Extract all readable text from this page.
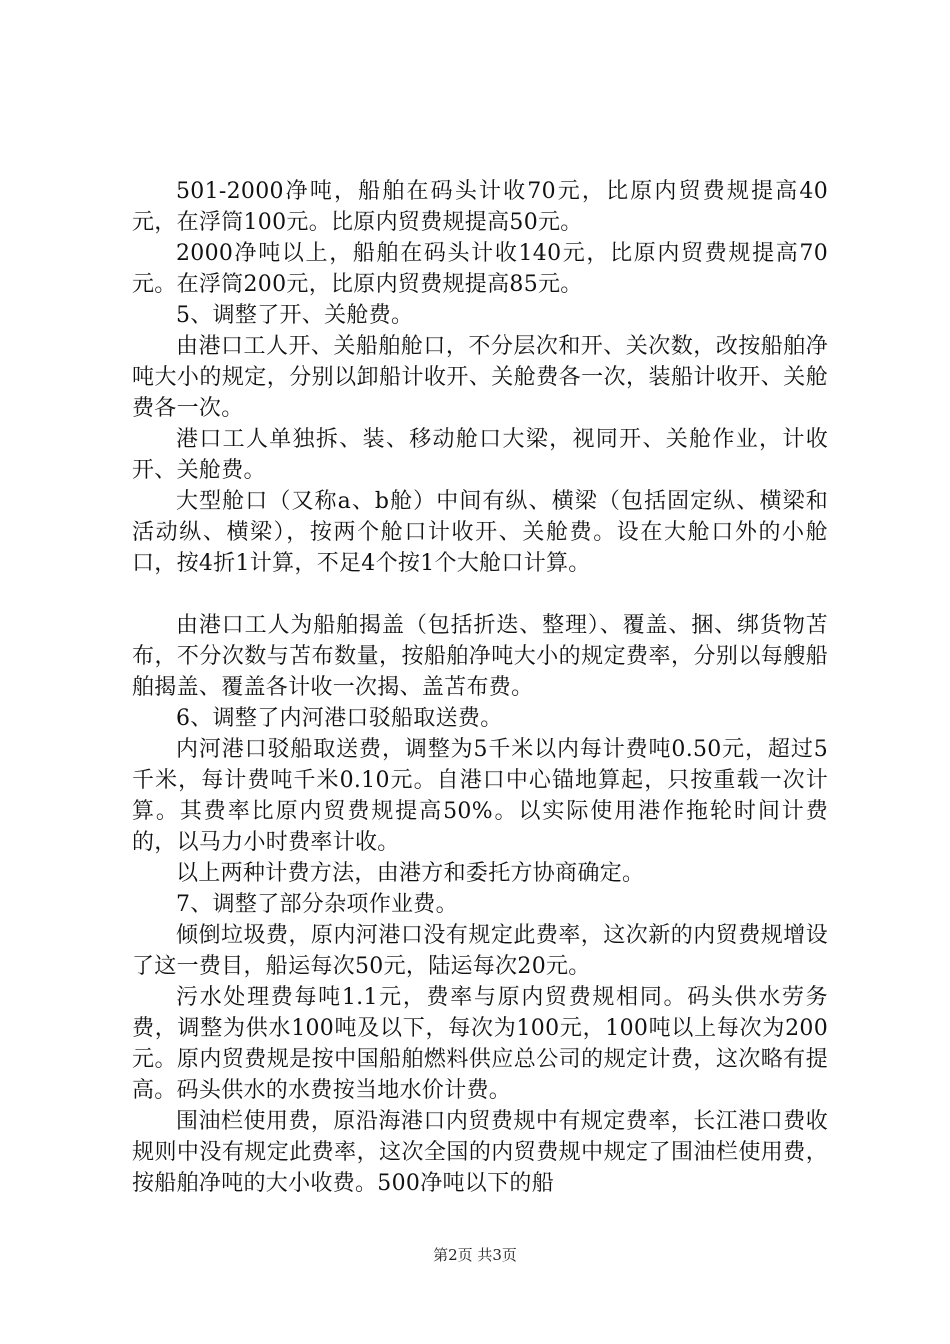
501-2000净吨，船舶在码头计收70元，比原内贸费规提高40元，在浮筒100元。比原内贸费规提高50元。

2000净吨以上，船舶在码头计收140元，比原内贸费规提高70元。在浮筒200元，比原内贸费规提高85元。

5、调整了开、关舱费。

由港口工人开、关船舶舱口，不分层次和开、关次数，改按船舶净吨大小的规定，分别以卸船计收开、关舱费各一次，装船计收开、关舱费各一次。

港口工人单独拆、装、移动舱口大梁，视同开、关舱作业，计收开、关舱费。

大型舱口（又称a、b舱）中间有纵、横梁（包括固定纵、横梁和活动纵、横梁），按两个舱口计收开、关舱费。设在大舱口外的小舱口，按4折1计算，不足4个按1个大舱口计算。

由港口工人为船舶揭盖（包括折迭、整理）、覆盖、捆、绑货物苫布，不分次数与苫布数量，按船舶净吨大小的规定费率，分别以每艘船舶揭盖、覆盖各计收一次揭、盖苫布费。

6、调整了内河港口驳船取送费。

内河港口驳船取送费，调整为5千米以内每计费吨0.50元，超过5千米，每计费吨千米0.10元。自港口中心锚地算起，只按重载一次计算。其费率比原内贸费规提高50%。以实际使用港作拖轮时间计费的，以马力小时费率计收。

以上两种计费方法，由港方和委托方协商确定。

7、调整了部分杂项作业费。

倾倒垃圾费，原内河港口没有规定此费率，这次新的内贸费规增设了这一费目，船运每次50元，陆运每次20元。

污水处理费每吨1.1元，费率与原内贸费规相同。码头供水劳务费，调整为供水100吨及以下，每次为100元，100吨以上每次为200元。原内贸费规是按中国船舶燃料供应总公司的规定计费，这次略有提高。码头供水的水费按当地水价计费。

围油栏使用费，原沿海港口内贸费规中有规定费率，长江港口费收规则中没有规定此费率，这次全国的内贸费规中规定了围油栏使用费，按船舶净吨的大小收费。500净吨以下的船

第2页 共3页
